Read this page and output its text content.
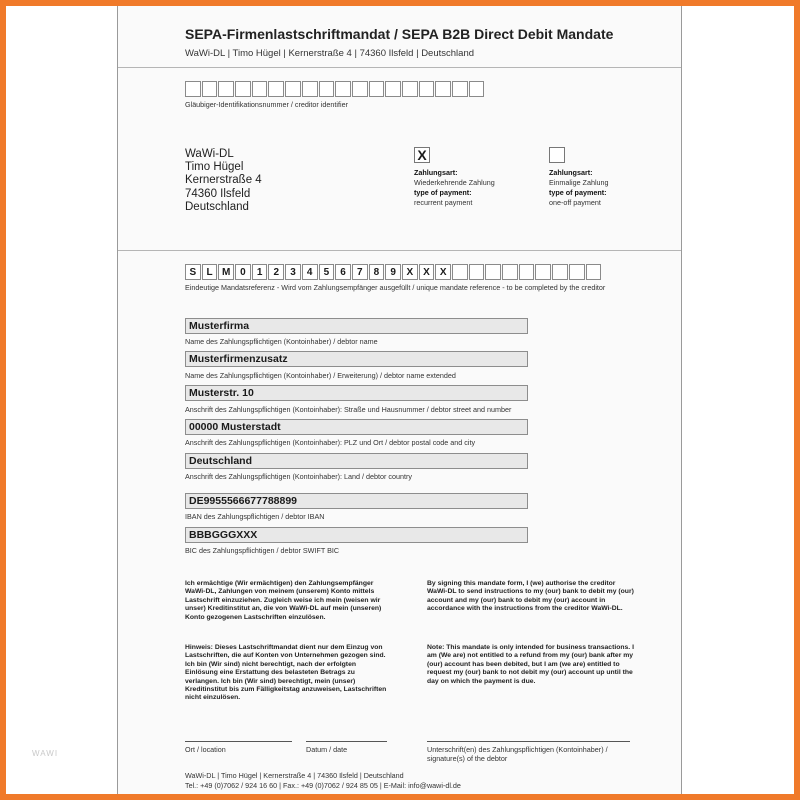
WAWI
SEPA-Firmenlastschriftmandat / SEPA B2B Direct Debit Mandate
WaWi-DL | Timo Hügel | Kernerstraße 4 | 74360 Ilsfeld | Deutschland
Gläubiger-Identifikationsnummer / creditor identifier
WaWi-DL
Timo Hügel
Kernerstraße 4
74360 Ilsfeld
Deutschland
X
Zahlungsart:
Wiederkehrende Zahlung
type of payment:
recurrent payment
Zahlungsart:
Einmalige Zahlung
type of payment:
one-off payment
S	L M 0	1	2	3	4	5	6	7	8	9	X	X	X
Eindeutige Mandatsreferenz - Wird vom Zahlungsempfänger ausgefüllt / unique mandate reference - to be completed by the creditor
Musterfirma
Name des Zahlungspflichtigen (Kontoinhaber) / debtor name
Musterfirmenzusatz
Name des Zahlungspflichtigen (Kontoinhaber) / Erweiterung) / debtor name extended
Musterstr. 10
Anschrift des Zahlungspflichtigen (Kontoinhaber): Straße und Hausnummer / debtor street and number
00000 Musterstadt
Anschrift des Zahlungspflichtigen (Kontoinhaber): PLZ und Ort / debtor postal code and city
Deutschland
Anschrift des Zahlungspflichtigen (Kontoinhaber): Land / debtor country
DE9955566677788899
IBAN des Zahlungspflichtigen / debtor IBAN
BBBGGGXXX
BIC des Zahlungspflichtigen / debtor SWIFT BIC
Ich ermächtige (Wir ermächtigen) den Zahlungsempfänger WaWi-DL, Zahlungen von meinem (unserem) Konto mittels Lastschrift einzuziehen. Zugleich weise ich mein (weisen wir unser) Kreditinstitut an, die von WaWi-DL auf mein (unseren) Konto gezogenen Lastschriften einzulösen.
By signing this mandate form, I (we) authorise the creditor WaWi-DL to send instructions to my (our) bank to debit my (our) account and my (our) bank to debit my (our) account in accordance with the instructions from the creditor WaWi-DL.
Hinweis: Dieses Lastschriftmandat dient nur dem Einzug von Lastschriften, die auf Konten von Unternehmen gezogen sind. Ich bin (Wir sind) nicht berechtigt, nach der erfolgten Einlösung eine Erstattung des belasteten Betrags zu verlangen. Ich bin (Wir sind) berechtigt, mein (unser) Kreditinstitut bis zum Fälligkeitstag anzuweisen, Lastschriften nicht einzulösen.
Note: This mandate is only intended for business transactions. I am (We are) not entitled to a refund from my (our) bank after my (our) account has been debited, but I am (we are) entitled to request my (our) bank to not debit my (our) account up until the day on which the payment is due.
Ort / location	Datum / date	Unterschrift(en) des Zahlungspflichtigen (Kontoinhaber) / signature(s) of the debtor
WaWi-DL | Timo Hügel | Kernerstraße 4 | 74360 Ilsfeld | Deutschland
Tel.: +49 (0)7062 / 924 16 60 | Fax.: +49 (0)7062 / 924 85 05 | E-Mail: info@wawi-dl.de
